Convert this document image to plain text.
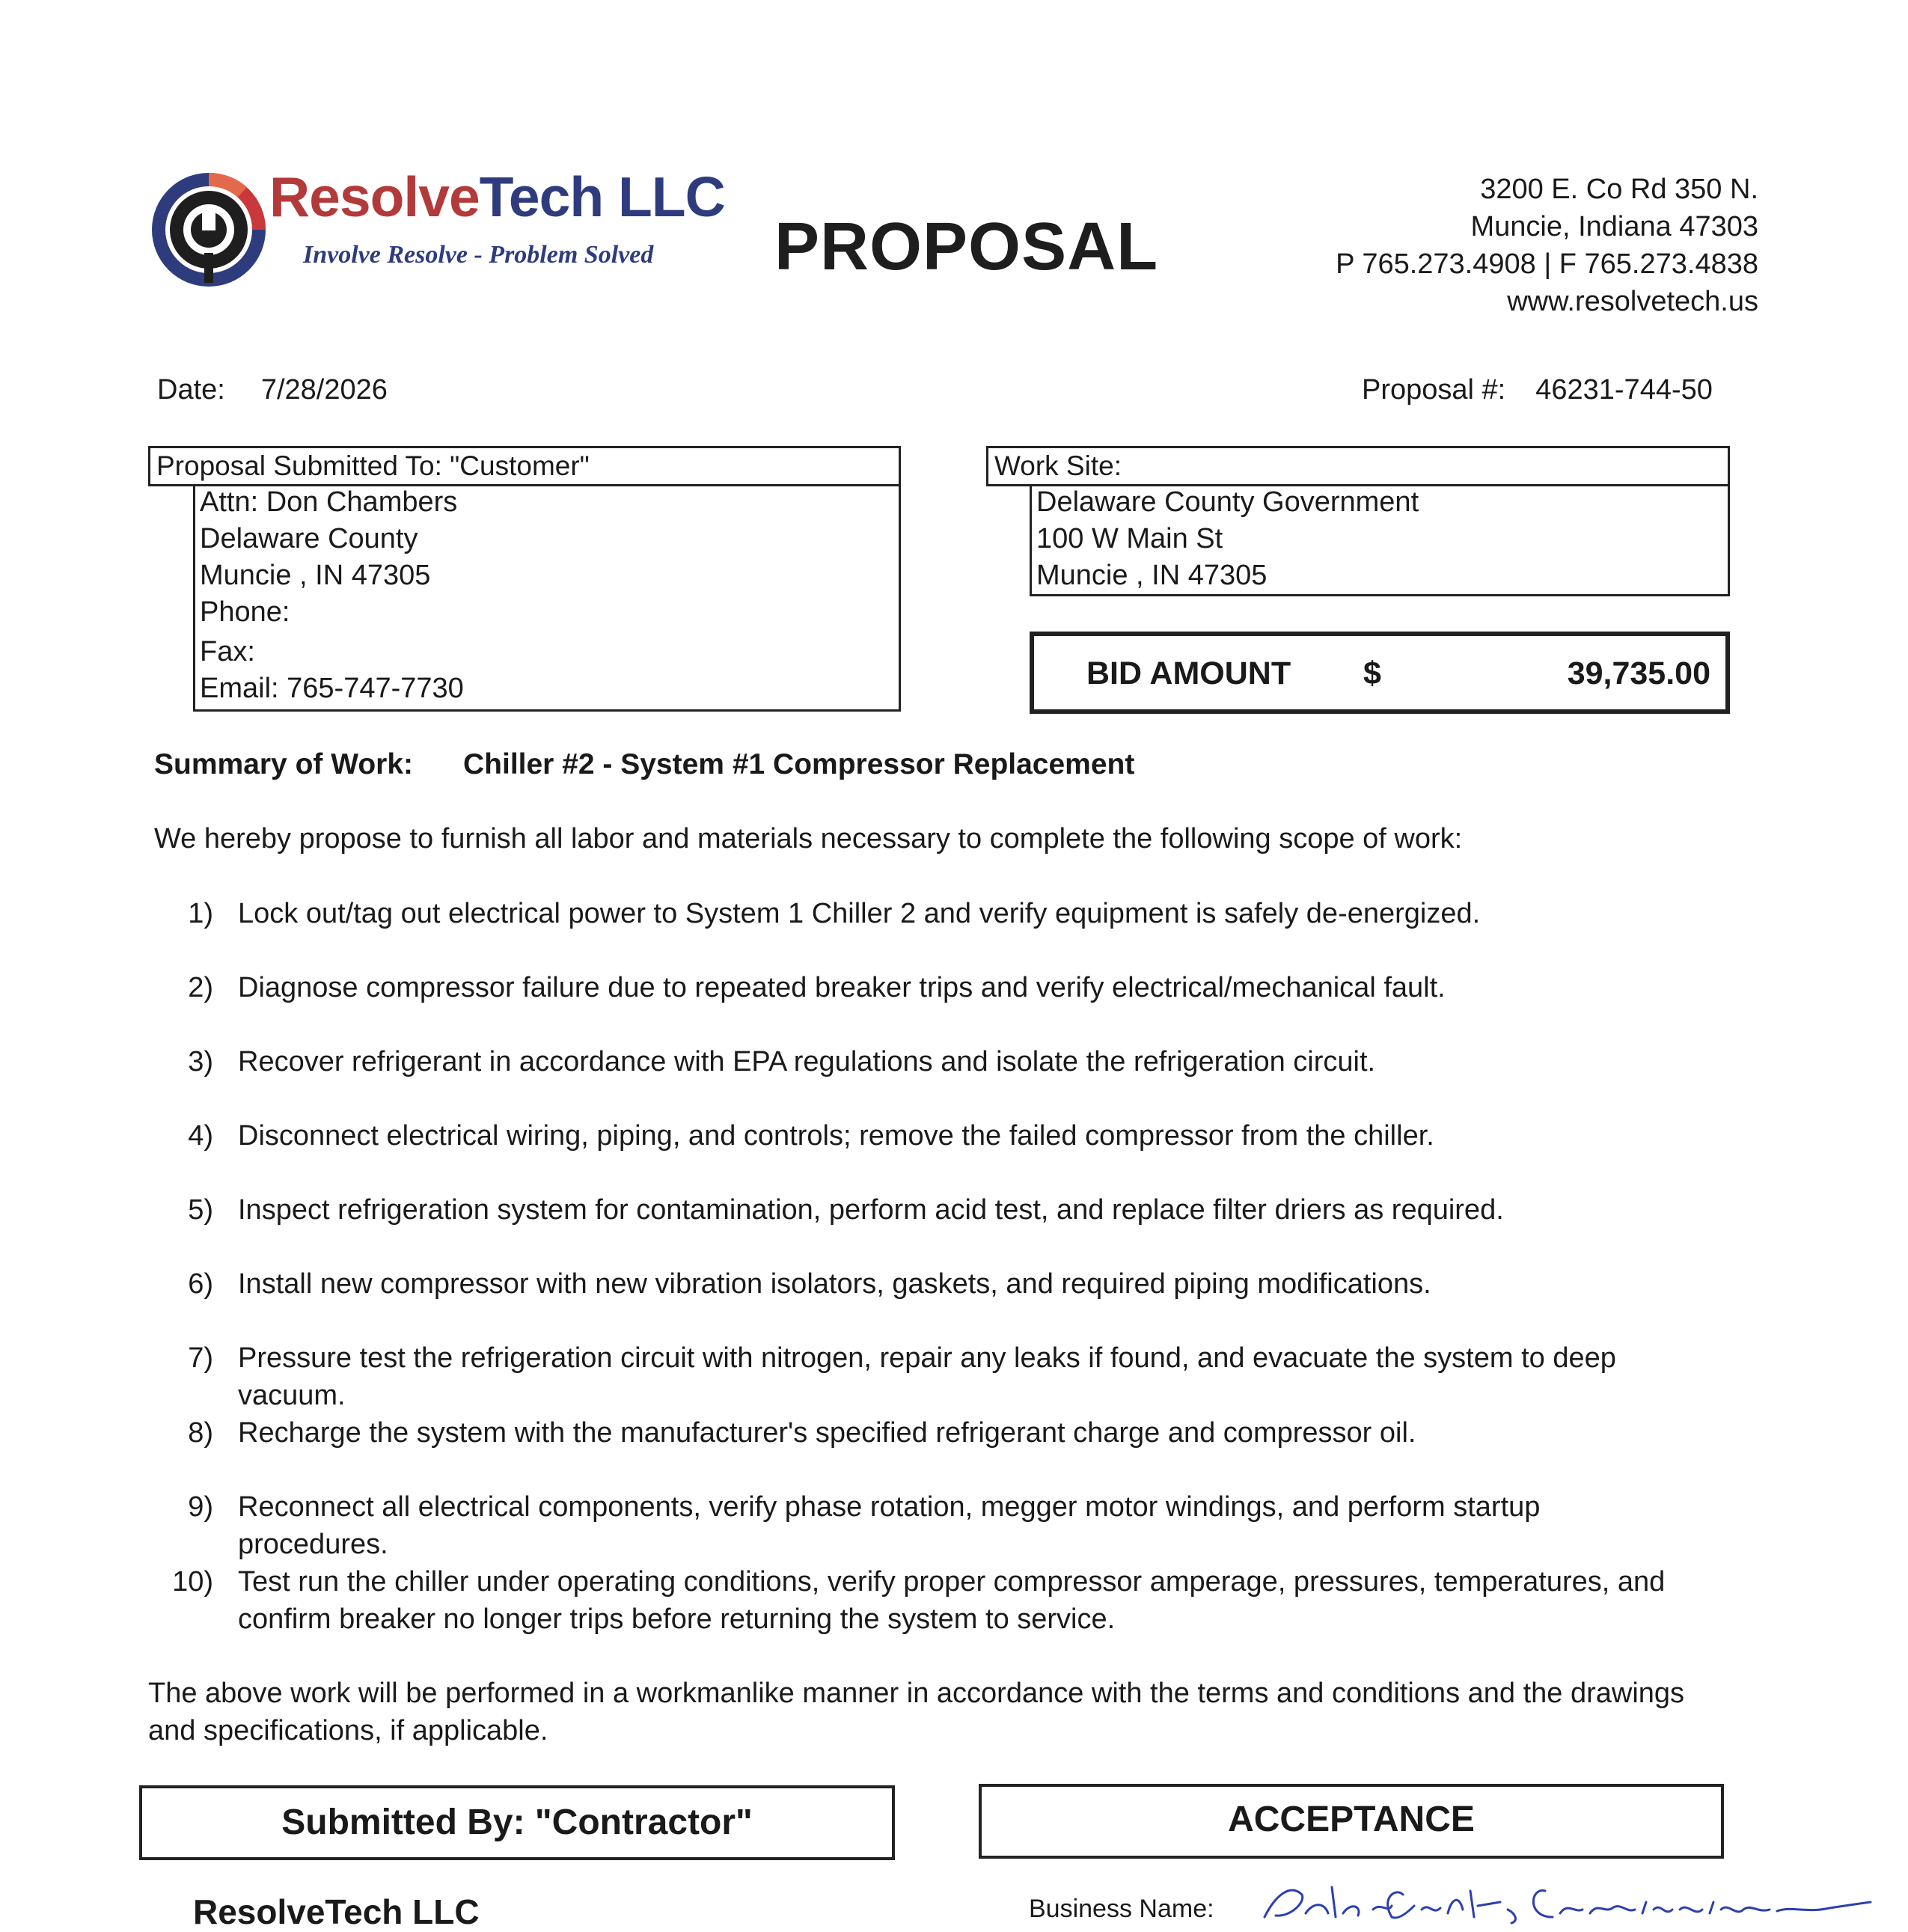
ResolveTech LLC
Involve Resolve - Problem Solved PROPOSAL
3200 E. Co Rd 350 N.
Muncie, Indiana 47303
P 765.273.4908 | F 765.273.4838
www.resolvetech.us
Date: 7/28/2026	Proposal #: 46231-744-50
Proposal Submitted To: "Customer"
Attn: Don Chambers
Delaware County
Muncie , IN 47305
Phone:
Fax:
Email: 765-747-7730
Work Site:
Delaware County Government
100 W Main St
Muncie , IN 47305
BID AMOUNT $	39,735.00
Summary of Work: Chiller #2 - System #1 Compressor Replacement
We hereby propose to furnish all labor and materials necessary to complete the following scope of work:
1) Lock out/tag out electrical power to System 1 Chiller 2 and verify equipment is safely de-energized.
2) Diagnose compressor failure due to repeated breaker trips and verify electrical/mechanical fault.
3) Recover refrigerant in accordance with EPA regulations and isolate the refrigeration circuit.
4) Disconnect electrical wiring, piping, and controls; remove the failed compressor from the chiller.
5) Inspect refrigeration system for contamination, perform acid test, and replace filter driers as required.
6) Install new compressor with new vibration isolators, gaskets, and required piping modifications.
7) Pressure test the refrigeration circuit with nitrogen, repair any leaks if found, and evacuate the system to deep vacuum.
8) Recharge the system with the manufacturer's specified refrigerant charge and compressor oil.
9) Reconnect all electrical components, verify phase rotation, megger motor windings, and perform startup procedures.
10) Test run the chiller under operating conditions, verify proper compressor amperage, pressures, temperatures, and confirm breaker no longer trips before returning the system to service.
The above work will be performed in a workmanlike manner in accordance with the terms and conditions and the drawings and specifications, if applicable.
Submitted By: "Contractor"	ACCEPTANCE
ResolveTech LLC	Business Name:
